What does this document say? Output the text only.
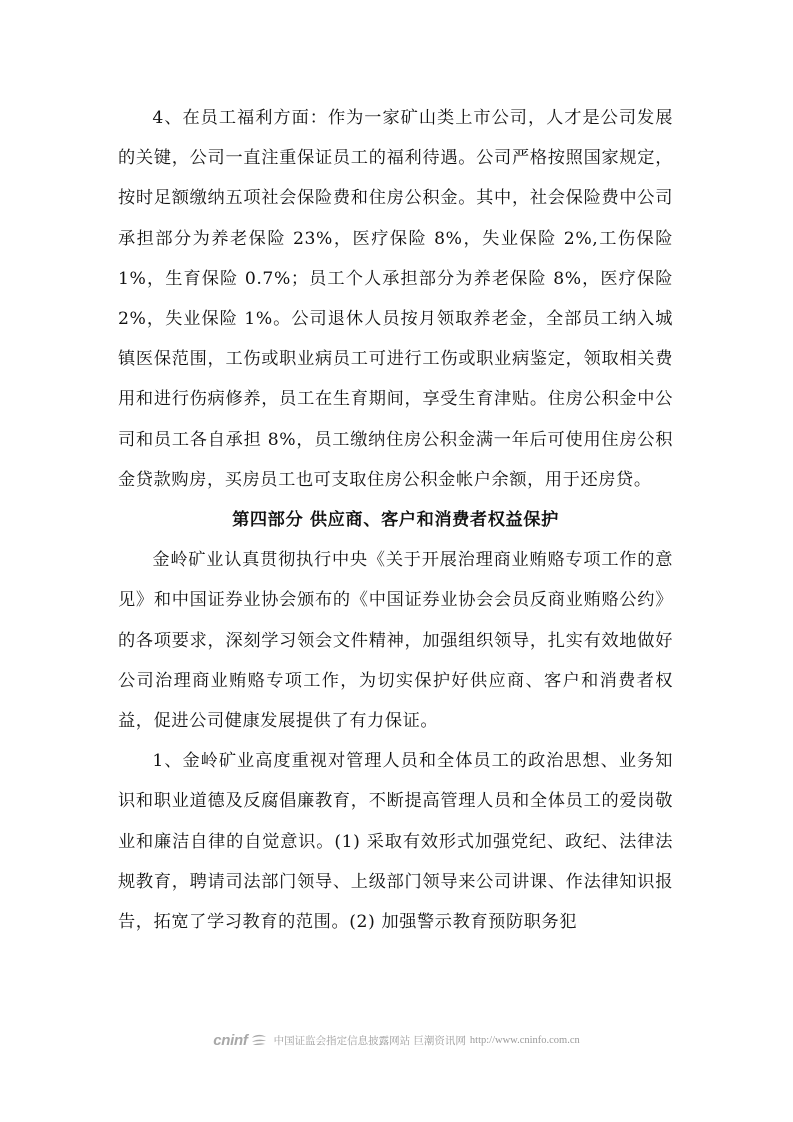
4、在员工福利方面：作为一家矿山类上市公司，人才是公司发展的关键，公司一直注重保证员工的福利待遇。公司严格按照国家规定，按时足额缴纳五项社会保险费和住房公积金。其中，社会保险费中公司承担部分为养老保险 23%，医疗保险 8%，失业保险 2%,工伤保险 1%，生育保险 0.7%；员工个人承担部分为养老保险 8%，医疗保险 2%，失业保险 1%。公司退休人员按月领取养老金，全部员工纳入城镇医保范围，工伤或职业病员工可进行工伤或职业病鉴定，领取相关费用和进行伤病修养，员工在生育期间，享受生育津贴。住房公积金中公司和员工各自承担 8%，员工缴纳住房公积金满一年后可使用住房公积金贷款购房，买房员工也可支取住房公积金帐户余额，用于还房贷。

第四部分 供应商、客户和消费者权益保护

金岭矿业认真贯彻执行中央《关于开展治理商业贿赂专项工作的意见》和中国证券业协会颁布的《中国证券业协会会员反商业贿赂公约》的各项要求，深刻学习领会文件精神，加强组织领导，扎实有效地做好公司治理商业贿赂专项工作，为切实保护好供应商、客户和消费者权益，促进公司健康发展提供了有力保证。

1、金岭矿业高度重视对管理人员和全体员工的政治思想、业务知识和职业道德及反腐倡廉教育，不断提高管理人员和全体员工的爱岗敬业和廉洁自律的自觉意识。(1) 采取有效形式加强党纪、政纪、法律法规教育，聘请司法部门领导、上级部门领导来公司讲课、作法律知识报告，拓宽了学习教育的范围。(2) 加强警示教育预防职务犯

cninf 中国证监会指定信息披露网站 巨潮资讯网 http://www.cninfo.com.cn
